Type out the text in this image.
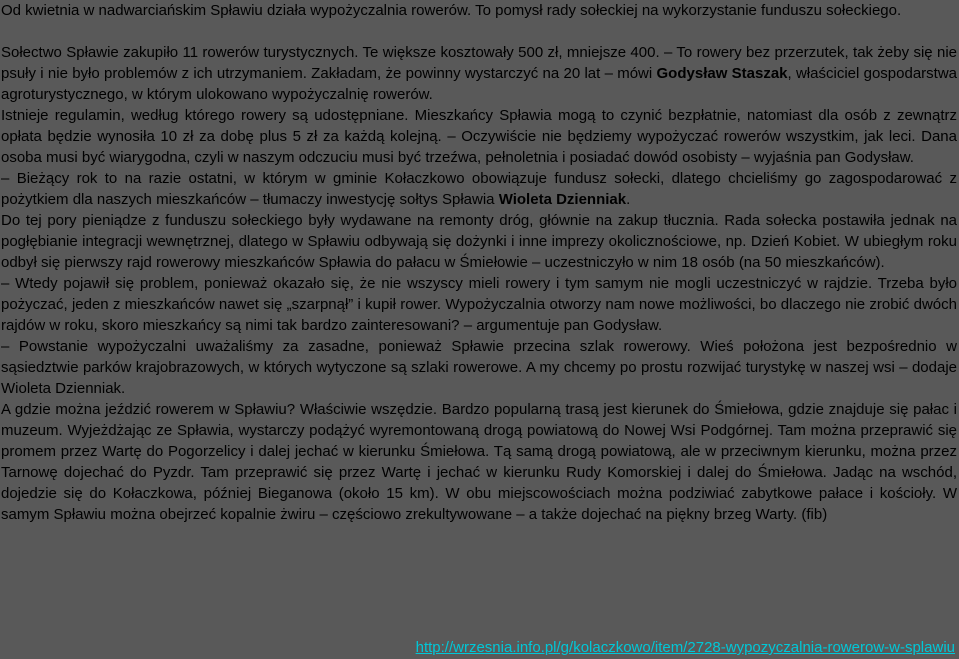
Od kwietnia w nadwarciańskim Spławiu działa wypożyczalnia rowerów. To pomysł rady sołeckiej na wykorzystanie funduszu sołeckiego.

Sołectwo Spławie zakupiło 11 rowerów turystycznych. Te większe kosztowały 500 zł, mniejsze 400. – To rowery bez przerzutek, tak żeby się nie psuły i nie było problemów z ich utrzymaniem. Zakładam, że powinny wystarczyć na 20 lat – mówi Godysław Staszak, właściciel gospodarstwa agroturystycznego, w którym ulokowano wypożyczalnię rowerów.

Istnieje regulamin, według którego rowery są udostępniane. Mieszkańcy Spławia mogą to czynić bezpłatnie, natomiast dla osób z zewnątrz opłata będzie wynosiła 10 zł za dobę plus 5 zł za każdą kolejną. – Oczywiście nie będziemy wypożyczać rowerów wszystkim, jak leci. Dana osoba musi być wiarygodna, czyli w naszym odczuciu musi być trzeźwa, pełnoletnia i posiadać dowód osobisty – wyjaśnia pan Godysław.

– Bieżący rok to na razie ostatni, w którym w gminie Kołaczkowo obowiązuje fundusz sołecki, dlatego chcieliśmy go zagospodarować z pożytkiem dla naszych mieszkańców – tłumaczy inwestycję sołtys Spławia Wioleta Dzienniak.

Do tej pory pieniądze z funduszu sołeckiego były wydawane na remonty dróg, głównie na zakup tłucznia. Rada sołecka postawiła jednak na pogłębianie integracji wewnętrznej, dlatego w Spławiu odbywają się dożynki i inne imprezy okolicznościowe, np. Dzień Kobiet. W ubiegłym roku odbył się pierwszy rajd rowerowy mieszkańców Spławia do pałacu w Śmiełowie – uczestniczyło w nim 18 osób (na 50 mieszkańców).

– Wtedy pojawił się problem, ponieważ okazało się, że nie wszyscy mieli rowery i tym samym nie mogli uczestniczyć w rajdzie. Trzeba było pożyczać, jeden z mieszkańców nawet się „szarpnął” i kupił rower. Wypożyczalnia otworzy nam nowe możliwości, bo dlaczego nie zrobić dwóch rajdów w roku, skoro mieszkańcy są nimi tak bardzo zainteresowani? – argumentuje pan Godysław.

– Powstanie wypożyczalni uważaliśmy za zasadne, ponieważ Spławie przecina szlak rowerowy. Wieś położona jest bezpośrednio w sąsiedztwie parków krajobrazowych, w których wytyczone są szlaki rowerowe. A my chcemy po prostu rozwijać turystykę w naszej wsi – dodaje Wioleta Dzienniak.

A gdzie można jeździć rowerem w Spławiu? Właściwie wszędzie. Bardzo popularną trasą jest kierunek do Śmiełowa, gdzie znajduje się pałac i muzeum. Wyjeżdżając ze Spławia, wystarczy podążyć wyremontowaną drogą powiatową do Nowej Wsi Podgórnej. Tam można przeprawić się promem przez Wartę do Pogorzelicy i dalej jechać w kierunku Śmiełowa. Tą samą drogą powiatową, ale w przeciwnym kierunku, można przez Tarnowę dojechać do Pyzdr. Tam przeprawić się przez Wartę i jechać w kierunku Rudy Komorskiej i dalej do Śmiełowa. Jadąc na wschód, dojedzie się do Kołaczkowa, później Bieganowa (około 15 km). W obu miejscowościach można podziwiać zabytkowe pałace i kościoły. W samym Spławiu można obejrzeć kopalnie żwiru – częściowo zrekultywowane – a także dojechać na piękny brzeg Warty. (fib)

http://wrzesnia.info.pl/g/kolaczkowo/item/2728-wypozyczalnia-rowerow-w-splawiu
